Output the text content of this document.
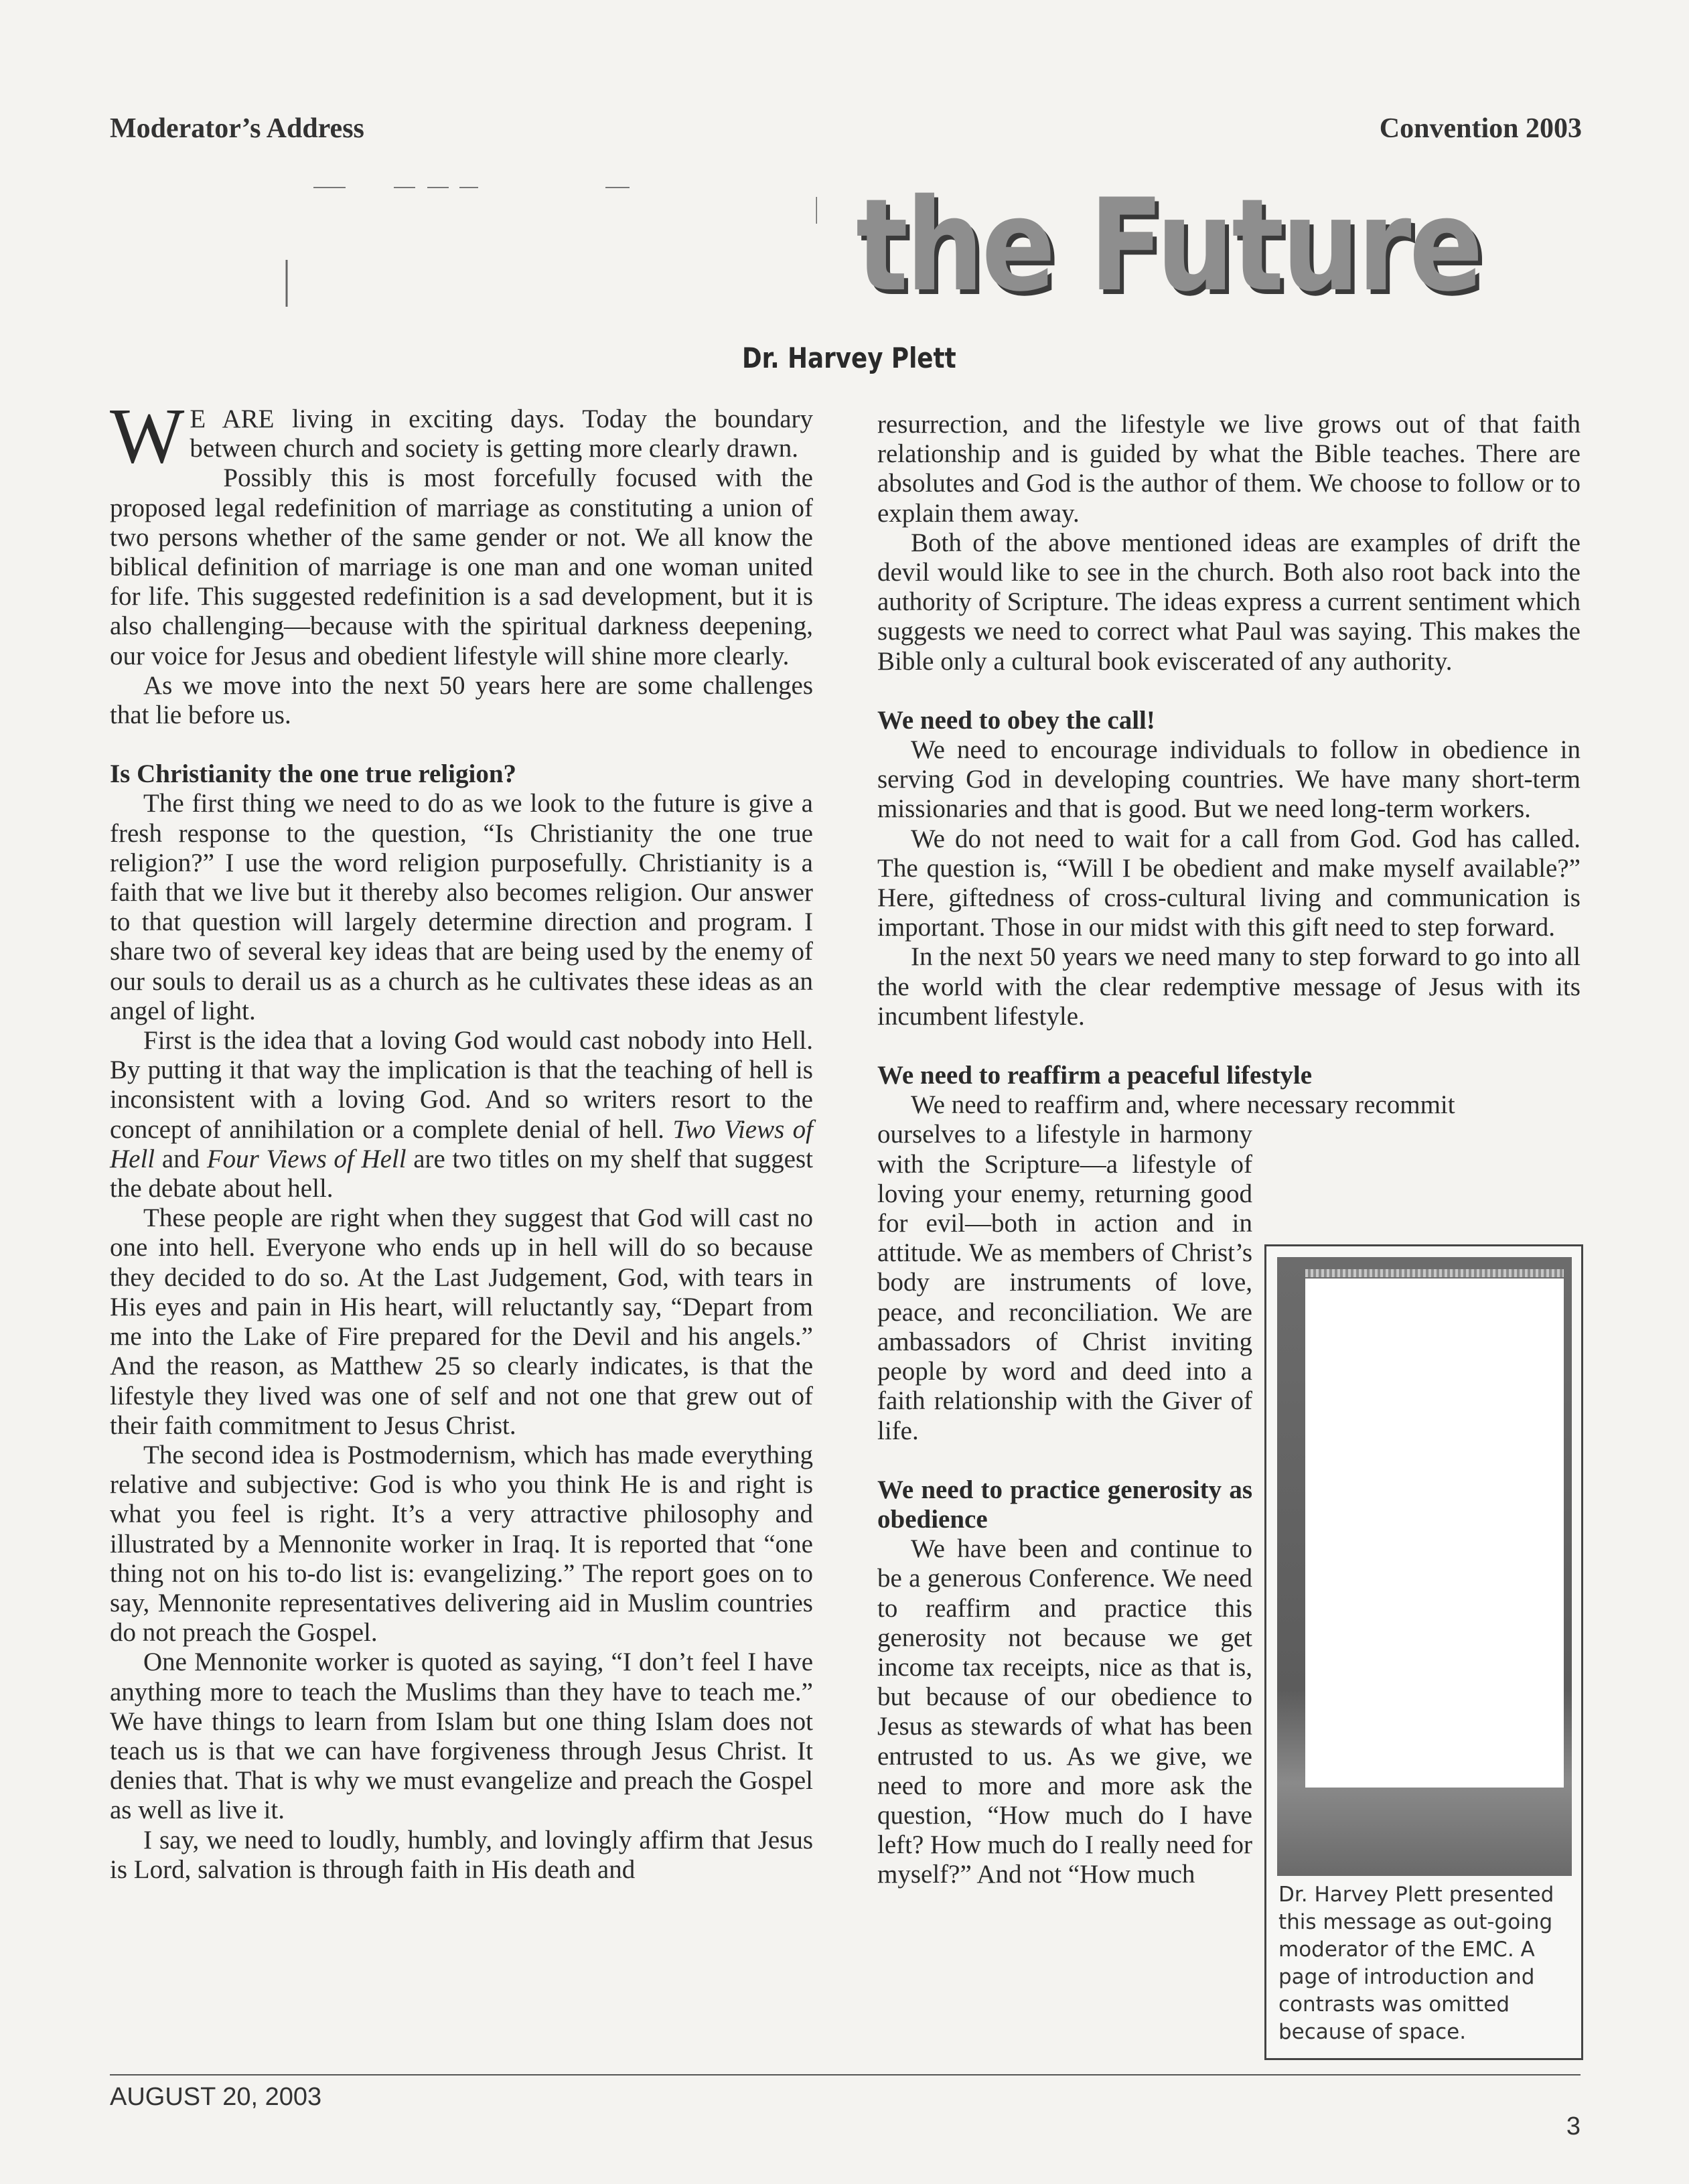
Moderator’s Address	Convention 2003
the Future
Dr. Harvey Plett

W E ARE living in exciting days. Today the boundary between church and society is getting more clearly drawn.

Possibly this is most forcefully focused with the proposed legal redefinition of marriage as constituting a union of two persons whether of the same gender or not. We all know the biblical definition of marriage is one man and one woman united for life. This suggested redefinition is a sad development, but it is also challenging—because with the spiritual darkness deepening, our voice for Jesus and obedient lifestyle will shine more clearly.

As we move into the next 50 years here are some challenges that lie before us.

Is Christianity the one true religion?

The first thing we need to do as we look to the future is give a fresh response to the question, “Is Christianity the one true religion?” I use the word religion purposefully. Christianity is a faith that we live but it thereby also becomes religion. Our answer to that question will largely determine direction and program. I share two of several key ideas that are being used by the enemy of our souls to derail us as a church as he cultivates these ideas as an angel of light.

First is the idea that a loving God would cast nobody into Hell. By putting it that way the implication is that the teaching of hell is inconsistent with a loving God. And so writers resort to the concept of annihilation or a complete denial of hell. Two Views of Hell and Four Views of Hell are two titles on my shelf that suggest the debate about hell.

These people are right when they suggest that God will cast no one into hell. Everyone who ends up in hell will do so because they decided to do so. At the Last Judgement, God, with tears in His eyes and pain in His heart, will reluctantly say, “Depart from me into the Lake of Fire prepared for the Devil and his angels.” And the reason, as Matthew 25 so clearly indicates, is that the lifestyle they lived was one of self and not one that grew out of their faith commitment to Jesus Christ.

The second idea is Postmodernism, which has made everything relative and subjective: God is who you think He is and right is what you feel is right. It’s a very attractive philosophy and illustrated by a Mennonite worker in Iraq. It is reported that “one thing not on his to-do list is: evangelizing.” The report goes on to say, Mennonite representatives delivering aid in Muslim countries do not preach the Gospel.

One Mennonite worker is quoted as saying, “I don’t feel I have anything more to teach the Muslims than they have to teach me.” We have things to learn from Islam but one thing Islam does not teach us is that we can have forgiveness through Jesus Christ. It denies that. That is why we must evangelize and preach the Gospel as well as live it.

I say, we need to loudly, humbly, and lovingly affirm that Jesus is Lord, salvation is through faith in His death and

resurrection, and the lifestyle we live grows out of that faith relationship and is guided by what the Bible teaches. There are absolutes and God is the author of them. We choose to follow or to explain them away.

Both of the above mentioned ideas are examples of drift the devil would like to see in the church. Both also root back into the authority of Scripture. The ideas express a current sentiment which suggests we need to correct what Paul was saying. This makes the Bible only a cultural book eviscerated of any authority.

We need to obey the call!

We need to encourage individuals to follow in obedience in serving God in developing countries. We have many short-term missionaries and that is good. But we need long-term workers.

We do not need to wait for a call from God. God has called. The question is, “Will I be obedient and make myself available?” Here, giftedness of cross-cultural living and communication is important. Those in our midst with this gift need to step forward.

In the next 50 years we need many to step forward to go into all the world with the clear redemptive message of Jesus with its incumbent lifestyle.

We need to reaffirm a peaceful lifestyle

We need to reaffirm and, where necessary recommit

ourselves to a lifestyle in harmony with the Scripture—a lifestyle of loving your enemy, returning good for evil—both in action and in attitude. We as members of Christ’s body are instruments of love, peace, and reconciliation. We are ambassadors of Christ inviting people by word and deed into a faith relationship with the Giver of life.

We need to practice generosity as obedience

We have been and continue to be a generous Conference. We need to reaffirm and practice this generosity not because we get income tax receipts, nice as that is, but because of our obedience to Jesus as stewards of what has been entrusted to us. As we give, we need to more and more ask the question, “How much do I have left? How much do I really need for myself?” And not “How much

Dr. Harvey Plett presented this message as out-going moderator of the EMC. A page of introduction and contrasts was omitted because of space.
AUGUST 20, 2003
3
